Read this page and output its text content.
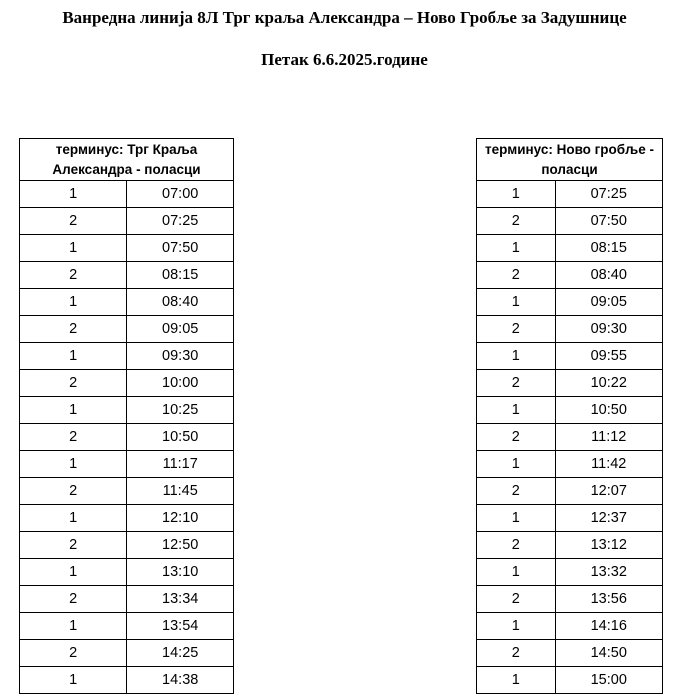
Ванредна линија 8Л Трг краља Александра – Ново Гробље за Задушнице
Петак 6.6.2025.године
терминус: Трг Краља Александра - поласци	
1	07:00
2	07:25
1	07:50
2	08:15
1	08:40
2	09:05
1	09:30
2	10:00
1	10:25
2	10:50
1	11:17
2	11:45
1	12:10
2	12:50
1	13:10
2	13:34
1	13:54
2	14:25
1	14:38
терминус: Ново гробље - поласци	
1	07:25
2	07:50
1	08:15
2	08:40
1	09:05
2	09:30
1	09:55
2	10:22
1	10:50
2	11:12
1	11:42
2	12:07
1	12:37
2	13:12
1	13:32
2	13:56
1	14:16
2	14:50
1	15:00
